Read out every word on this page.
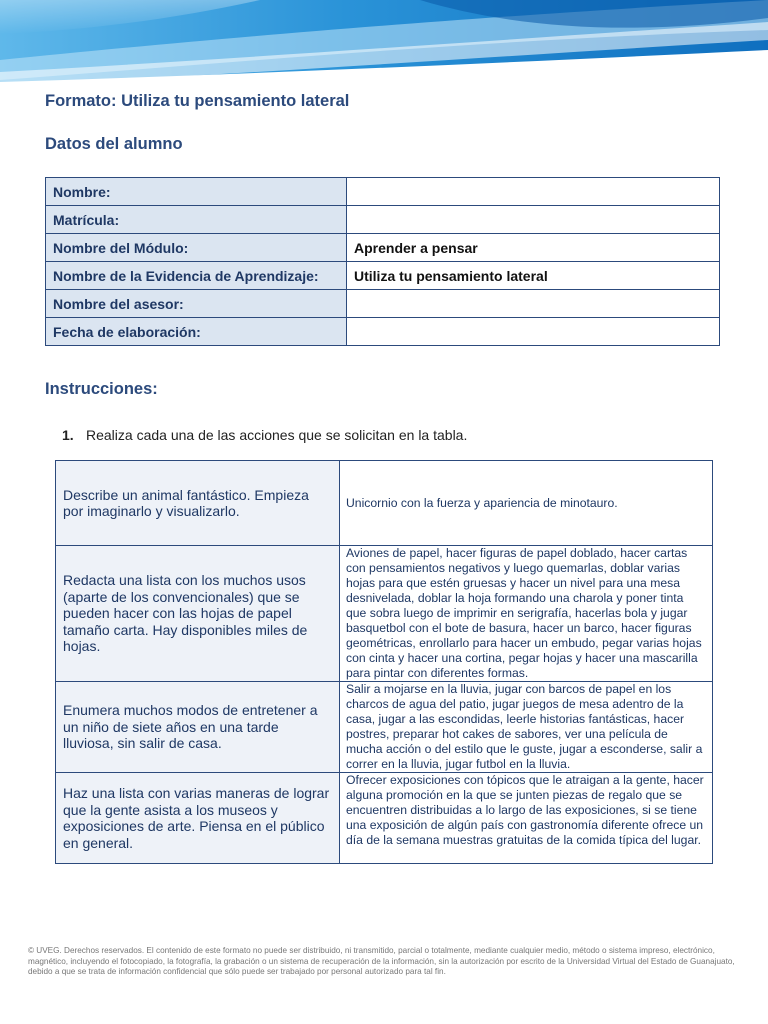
Formato: Utiliza tu pensamiento lateral
Datos del alumno
Nombre:	
Matrícula:	
Nombre del Módulo:	Aprender a pensar
Nombre de la Evidencia de Aprendizaje:	Utiliza tu pensamiento lateral
Nombre del asesor:	
Fecha de elaboración:	
Instrucciones:
1. Realiza cada una de las acciones que se solicitan en la tabla.
Describe un animal fantástico. Empieza por imaginarlo y visualizarlo.	Unicornio con la fuerza y apariencia de minotauro.
Redacta una lista con los muchos usos (aparte de los convencionales) que se pueden hacer con las hojas de papel tamaño carta. Hay disponibles miles de hojas.	Aviones de papel, hacer figuras de papel doblado, hacer cartas con pensamientos negativos y luego quemarlas, doblar varias hojas para que estén gruesas y hacer un nivel para una mesa desnivelada, doblar la hoja formando una charola y poner tinta que sobra luego de imprimir en serigrafía, hacerlas bola y jugar basquetbol con el bote de basura, hacer un barco, hacer figuras geométricas, enrollarlo para hacer un embudo, pegar varias hojas con cinta y hacer una cortina, pegar hojas y hacer una mascarilla para pintar con diferentes formas.
Enumera muchos modos de entretener a un niño de siete años en una tarde lluviosa, sin salir de casa.	Salir a mojarse en la lluvia, jugar con barcos de papel en los charcos de agua del patio, jugar juegos de mesa adentro de la casa, jugar a las escondidas, leerle historias fantásticas, hacer postres, preparar hot cakes de sabores, ver una película de mucha acción o del estilo que le guste, jugar a esconderse, salir a correr en la lluvia, jugar futbol en la lluvia.
Haz una lista con varias maneras de lograr que la gente asista a los museos y exposiciones de arte. Piensa en el público en general.	Ofrecer exposiciones con tópicos que le atraigan a la gente, hacer alguna promoción en la que se junten piezas de regalo que se encuentren distribuidas a lo largo de las exposiciones, si se tiene una exposición de algún país con gastronomía diferente ofrece un día de la semana muestras gratuitas de la comida típica del lugar.
© UVEG. Derechos reservados. El contenido de este formato no puede ser distribuido, ni transmitido, parcial o totalmente, mediante cualquier medio, método o sistema impreso, electrónico, magnético, incluyendo el fotocopiado, la fotografía, la grabación o un sistema de recuperación de la información, sin la autorización por escrito de la Universidad Virtual del Estado de Guanajuato, debido a que se trata de información confidencial que sólo puede ser trabajado por personal autorizado para tal fin.
